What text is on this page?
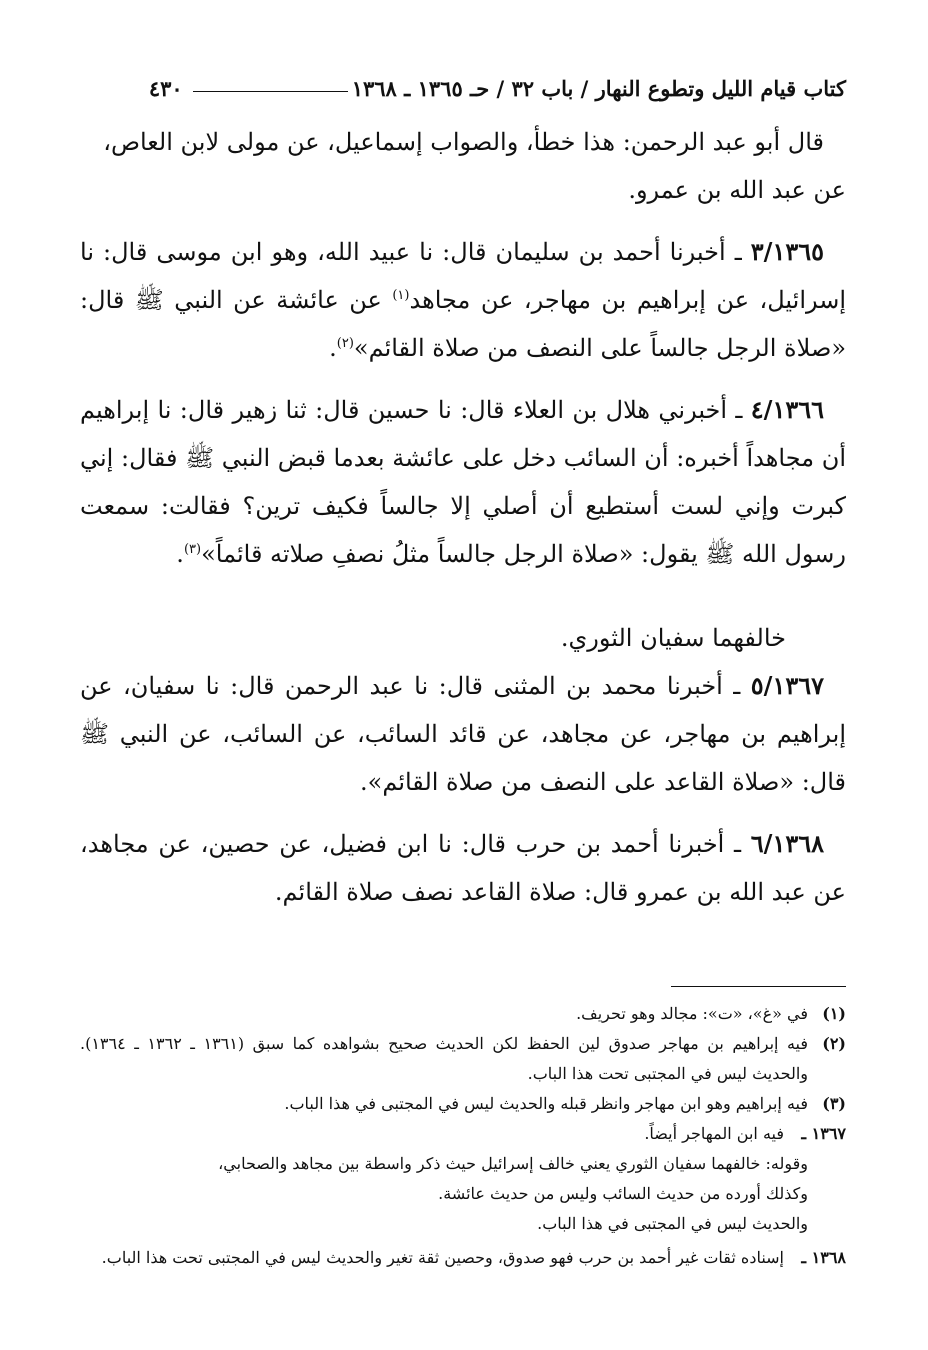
كتاب قيام الليل وتطوع النهار / باب ٣٢ / حـ ١٣٦٥ ـ ١٣٦٨
٤٣٠

قال أبو عبد الرحمن: هذا خطأ، والصواب إسماعيل، عن مولى لابن العاص،
عن عبد الله بن عمرو.

٣/١٣٦٥ ـ أخبرنا أحمد بن سليمان قال: نا عبيد الله، وهو ابن موسى قال: نا إسرائيل، عن إبراهيم بن مهاجر، عن مجاهد$^{(١)}$ عن عائشة عن النبي ﷺ قال: «صلاة الرجل جالساً على النصف من صلاة القائم»$^{(٢)}$.

٤/١٣٦٦ ـ أخبرني هلال بن العلاء قال: نا حسين قال: ثنا زهير قال: نا إبراهيم أن مجاهداً أخبره: أن السائب دخل على عائشة بعدما قبض النبي ﷺ فقال: إني كبرت وإني لست أستطيع أن أصلي إلا جالساً فكيف ترين؟ فقالت: سمعت رسول الله ﷺ يقول: «صلاة الرجل جالساً مثلُ نصفِ صلاته قائماً»$^{(٣)}$.

خالفهما سفيان الثوري.

٥/١٣٦٧ ـ أخبرنا محمد بن المثنى قال: نا عبد الرحمن قال: نا سفيان، عن إبراهيم بن مهاجر، عن مجاهد، عن قائد السائب، عن السائب، عن النبي ﷺ قال: «صلاة القاعد على النصف من صلاة القائم».

٦/١٣٦٨ ـ أخبرنا أحمد بن حرب قال: نا ابن فضيل، عن حصين، عن مجاهد، عن عبد الله بن عمرو قال: صلاة القاعد نصف صلاة القائم.

(١)
في «غ»، «ت»: مجالد وهو تحريف.

(٢)
فيه إبراهيم بن مهاجر صدوق لين الحفظ لكن الحديث صحيح بشواهده كما سبق (١٣٦١ ـ ١٣٦٢ ـ ١٣٦٤). والحديث ليس في المجتبى تحت هذا الباب.

(٣)
فيه إبراهيم وهو ابن مهاجر وانظر قبله والحديث ليس في المجتبى في هذا الباب.

١٣٦٧ ـ
فيه ابن المهاجر أيضاً.

وقوله: خالفهما سفيان الثوري يعني خالف إسرائيل حيث ذكر واسطة بين مجاهد والصحابي،

وكذلك أورده من حديث السائب وليس من حديث عائشة.

والحديث ليس في المجتبى في هذا الباب.

١٣٦٨ ـ
إسناده ثقات غير أحمد بن حرب فهو صدوق، وحصين ثقة تغير والحديث ليس في المجتبى تحت هذا الباب.
